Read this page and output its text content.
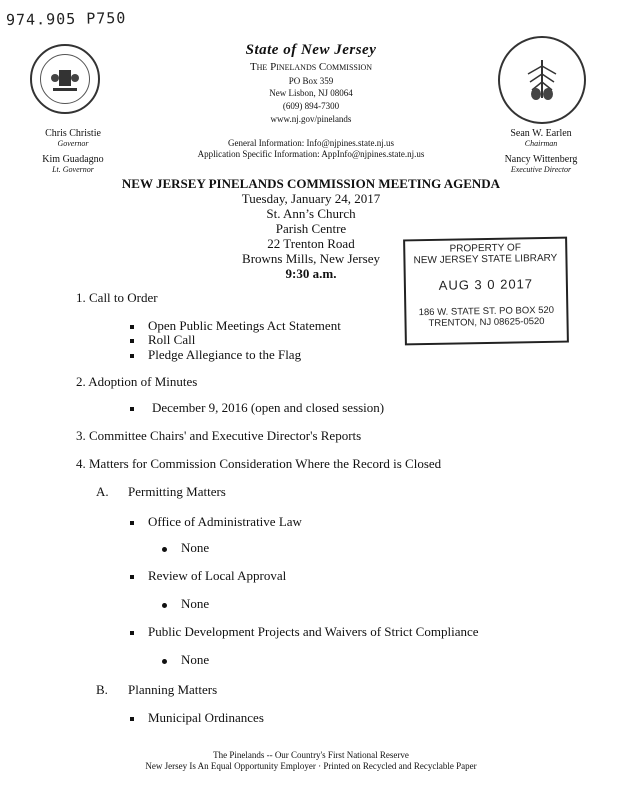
974.905 P750
State of New Jersey
The Pinelands Commission
PO Box 359
New Lisbon, NJ 08064
(609) 894-7300
www.nj.gov/pinelands
Chris Christie
Governor
Kim Guadagno
Lt. Governor
General Information: Info@njpines.state.nj.us
Application Specific Information: AppInfo@njpines.state.nj.us
Sean W. Earlen
Chairman
Nancy Wittenberg
Executive Director
NEW JERSEY PINELANDS COMMISSION MEETING AGENDA
Tuesday, January 24, 2017
St. Ann’s Church
Parish Centre
22 Trenton Road
Browns Mills, New Jersey
9:30 a.m.
PROPERTY OF
NEW JERSEY STATE LIBRARY
AUG 3 0 2017
186 W. STATE ST. PO BOX 520
TRENTON, NJ 08625-0520
1. Call to Order
Open Public Meetings Act Statement
Roll Call
Pledge Allegiance to the Flag
2. Adoption of Minutes
December 9, 2016 (open and closed session)
3. Committee Chairs' and Executive Director's Reports
4. Matters for Commission Consideration Where the Record is Closed
A. Permitting Matters
Office of Administrative Law
None
Review of Local Approval
None
Public Development Projects and Waivers of Strict Compliance
None
B. Planning Matters
Municipal Ordinances
The Pinelands -- Our Country's First National Reserve
New Jersey Is An Equal Opportunity Employer · Printed on Recycled and Recyclable Paper
